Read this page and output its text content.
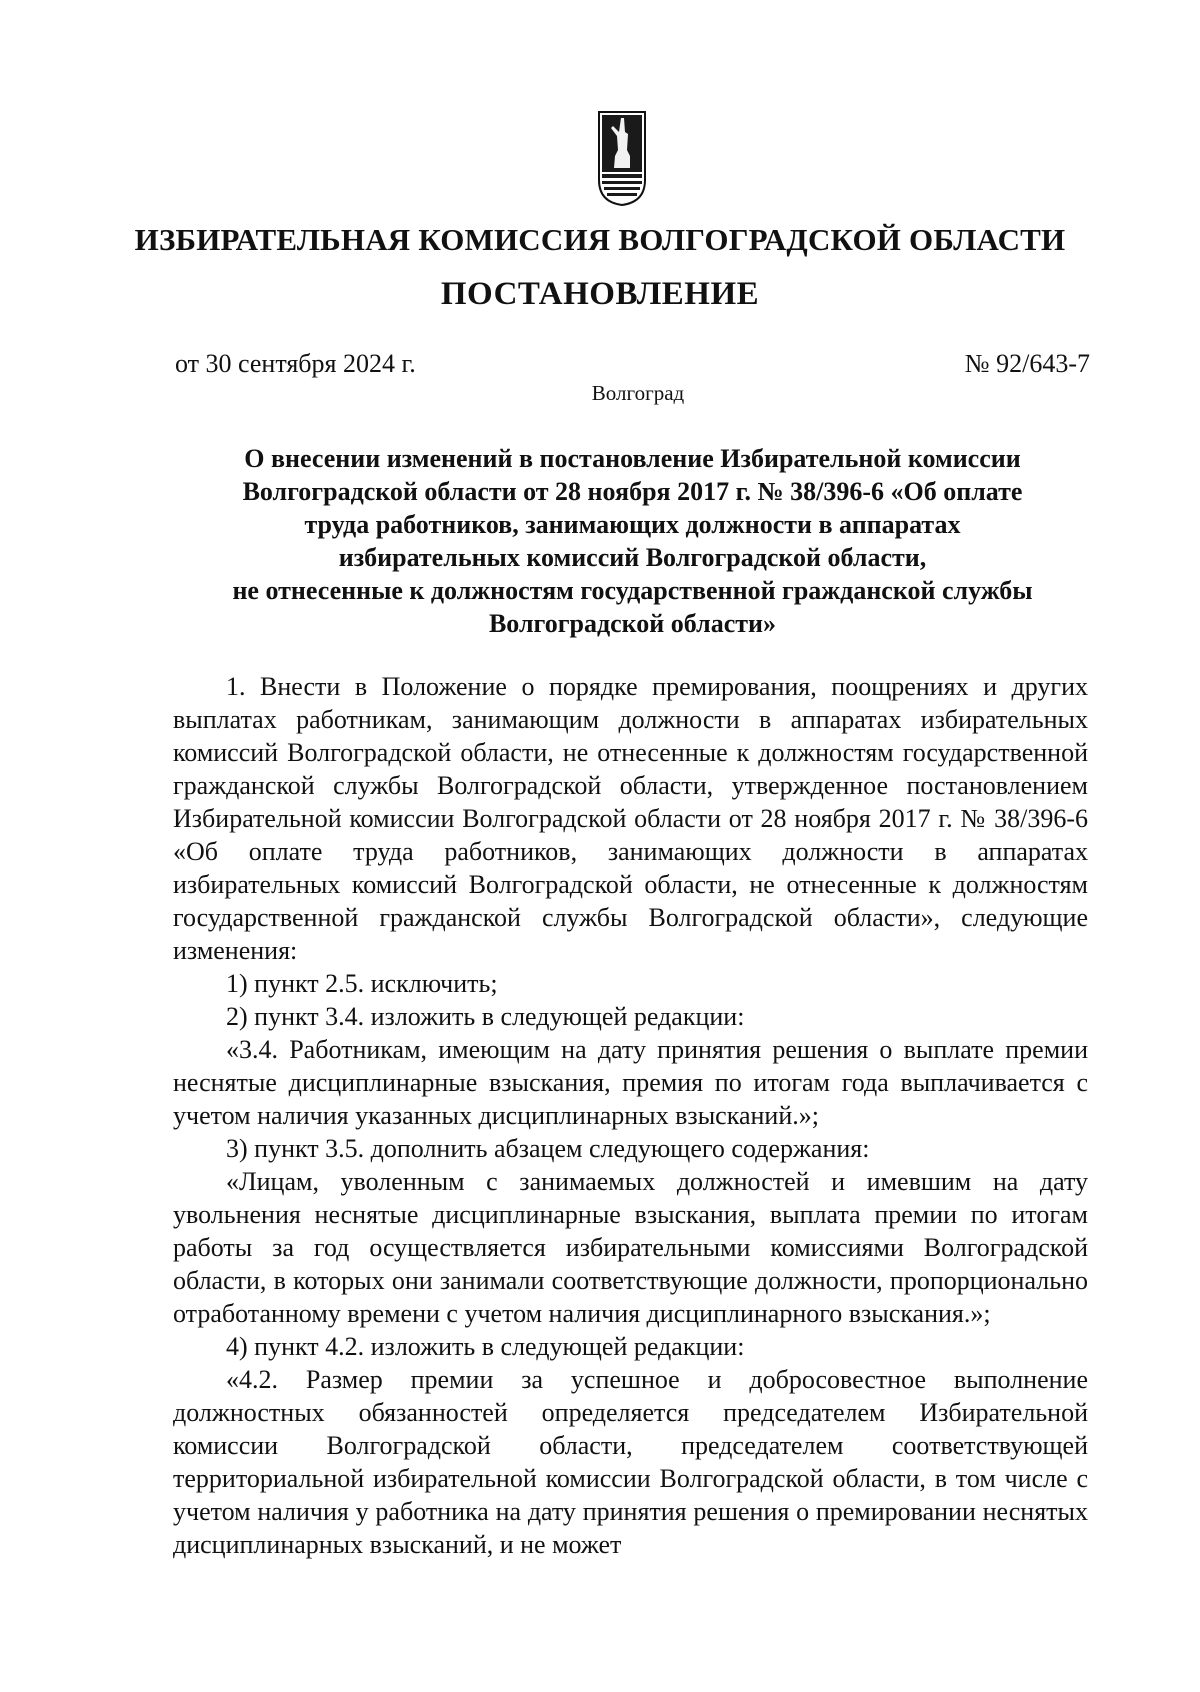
ИЗБИРАТЕЛЬНАЯ КОМИССИЯ ВОЛГОГРАДСКОЙ ОБЛАСТИ
ПОСТАНОВЛЕНИЕ
от 30 сентября 2024 г.	№ 92/643-7
Волгоград
О внесении изменений в постановление Избирательной комиссии
Волгоградской области от 28 ноября 2017 г. № 38/396-6 «Об оплате
труда работников, занимающих должности в аппаратах
избирательных комиссий Волгоградской области,
не отнесенные к должностям государственной гражданской службы
Волгоградской области»

1. Внести в Положение о порядке премирования, поощрениях и других выплатах работникам, занимающим должности в аппаратах избирательных комиссий Волгоградской области, не отнесенные к должностям государственной гражданской службы Волгоградской области, утвержденное постановлением Избирательной комиссии Волгоградской области от 28 ноября 2017 г. № 38/396-6 «Об оплате труда работников, занимающих должности в аппаратах избирательных комиссий Волгоградской области, не отнесенные к должностям государственной гражданской службы Волгоградской области», следующие изменения:

1) пункт 2.5. исключить;

2) пункт 3.4. изложить в следующей редакции:

«3.4. Работникам, имеющим на дату принятия решения о выплате премии неснятые дисциплинарные взыскания, премия по итогам года выплачивается с учетом наличия указанных дисциплинарных взысканий.»;

3) пункт 3.5. дополнить абзацем следующего содержания:

«Лицам, уволенным с занимаемых должностей и имевшим на дату увольнения неснятые дисциплинарные взыскания, выплата премии по итогам работы за год осуществляется избирательными комиссиями Волгоградской области, в которых они занимали соответствующие должности, пропорционально отработанному времени с учетом наличия дисциплинарного взыскания.»;

4) пункт 4.2. изложить в следующей редакции:

«4.2. Размер премии за успешное и добросовестное выполнение должностных обязанностей определяется председателем Избирательной комиссии Волгоградской области, председателем соответствующей территориальной избирательной комиссии Волгоградской области, в том числе с учетом наличия у работника на дату принятия решения о премировании неснятых дисциплинарных взысканий, и не может
